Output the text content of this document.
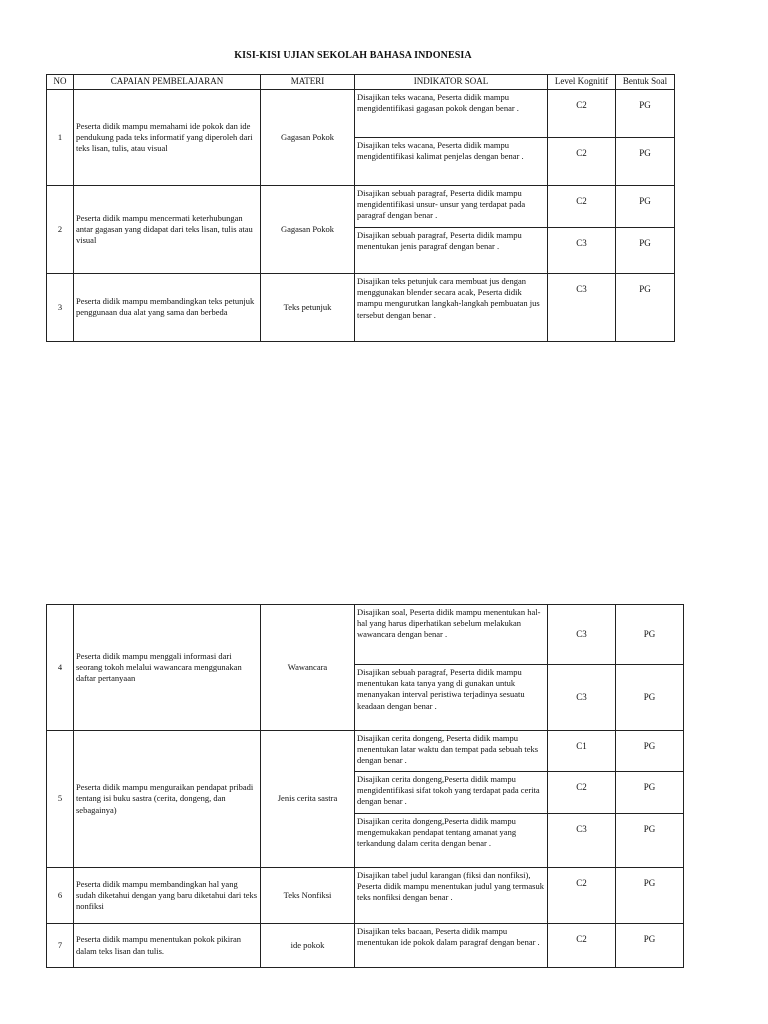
KISI-KISI UJIAN SEKOLAH BAHASA INDONESIA
NO	CAPAIAN PEMBELAJARAN	MATERI	INDIKATOR SOAL	Level Kognitif	Bentuk Soal
1	Peserta didik mampu memahami ide pokok dan ide pendukung pada teks informatif yang diperoleh dari teks lisan, tulis, atau visual	Gagasan Pokok	Disajikan teks wacana, Peserta didik mampu mengidentifikasi gagasan pokok dengan benar .	C2	PG
			Disajikan teks wacana, Peserta didik mampu mengidentifikasi kalimat penjelas dengan benar .	C2	PG
2	Peserta didik mampu mencermati keterhubungan antar gagasan yang didapat dari teks lisan, tulis atau visual	Gagasan Pokok	Disajikan sebuah paragraf, Peserta didik mampu mengidentifikasi unsur- unsur yang terdapat pada paragraf dengan benar .	C2	PG
			Disajikan sebuah paragraf, Peserta didik mampu menentukan jenis paragraf dengan benar .	C3	PG
3	Peserta didik mampu membandingkan teks petunjuk penggunaan dua alat yang sama dan berbeda	Teks petunjuk	Disajikan teks petunjuk cara membuat jus dengan menggunakan blender secara acak, Peserta didik mampu mengurutkan langkah-langkah pembuatan jus tersebut dengan benar .	C3	PG
4	Peserta didik mampu menggali informasi dari seorang tokoh melalui wawancara menggunakan daftar pertanyaan	Wawancara	Disajikan soal, Peserta didik mampu menentukan hal- hal yang harus diperhatikan sebelum melakukan wawancara dengan benar .	C3	PG
			Disajikan sebuah paragraf, Peserta didik mampu menentukan kata tanya yang di gunakan untuk menanyakan interval peristiwa terjadinya sesuatu keadaan dengan benar .	C3	PG
5	Peserta didik mampu menguraikan pendapat pribadi tentang isi buku sastra (cerita, dongeng, dan sebagainya)	Jenis cerita sastra	Disajikan cerita dongeng, Peserta didik mampu menentukan latar waktu dan tempat pada sebuah teks dengan benar .	C1	PG
			Disajikan cerita dongeng,Peserta didik mampu mengidentifikasi sifat tokoh yang terdapat pada cerita dengan benar .	C2	PG
			Disajikan cerita dongeng,Peserta didik mampu mengemukakan pendapat tentang amanat yang terkandung dalam cerita dengan benar .	C3	PG
6	Peserta didik mampu membandingkan hal yang sudah diketahui dengan yang baru diketahui dari teks nonfiksi	Teks Nonfiksi	Disajikan tabel judul karangan (fiksi dan nonfiksi), Peserta didik mampu menentukan judul yang termasuk teks nonfiksi dengan benar .	C2	PG
7	Peserta didik mampu menentukan pokok pikiran dalam teks lisan dan tulis.	ide pokok	Disajikan teks bacaan, Peserta didik mampu menentukan ide pokok dalam paragraf dengan benar .	C2	PG
